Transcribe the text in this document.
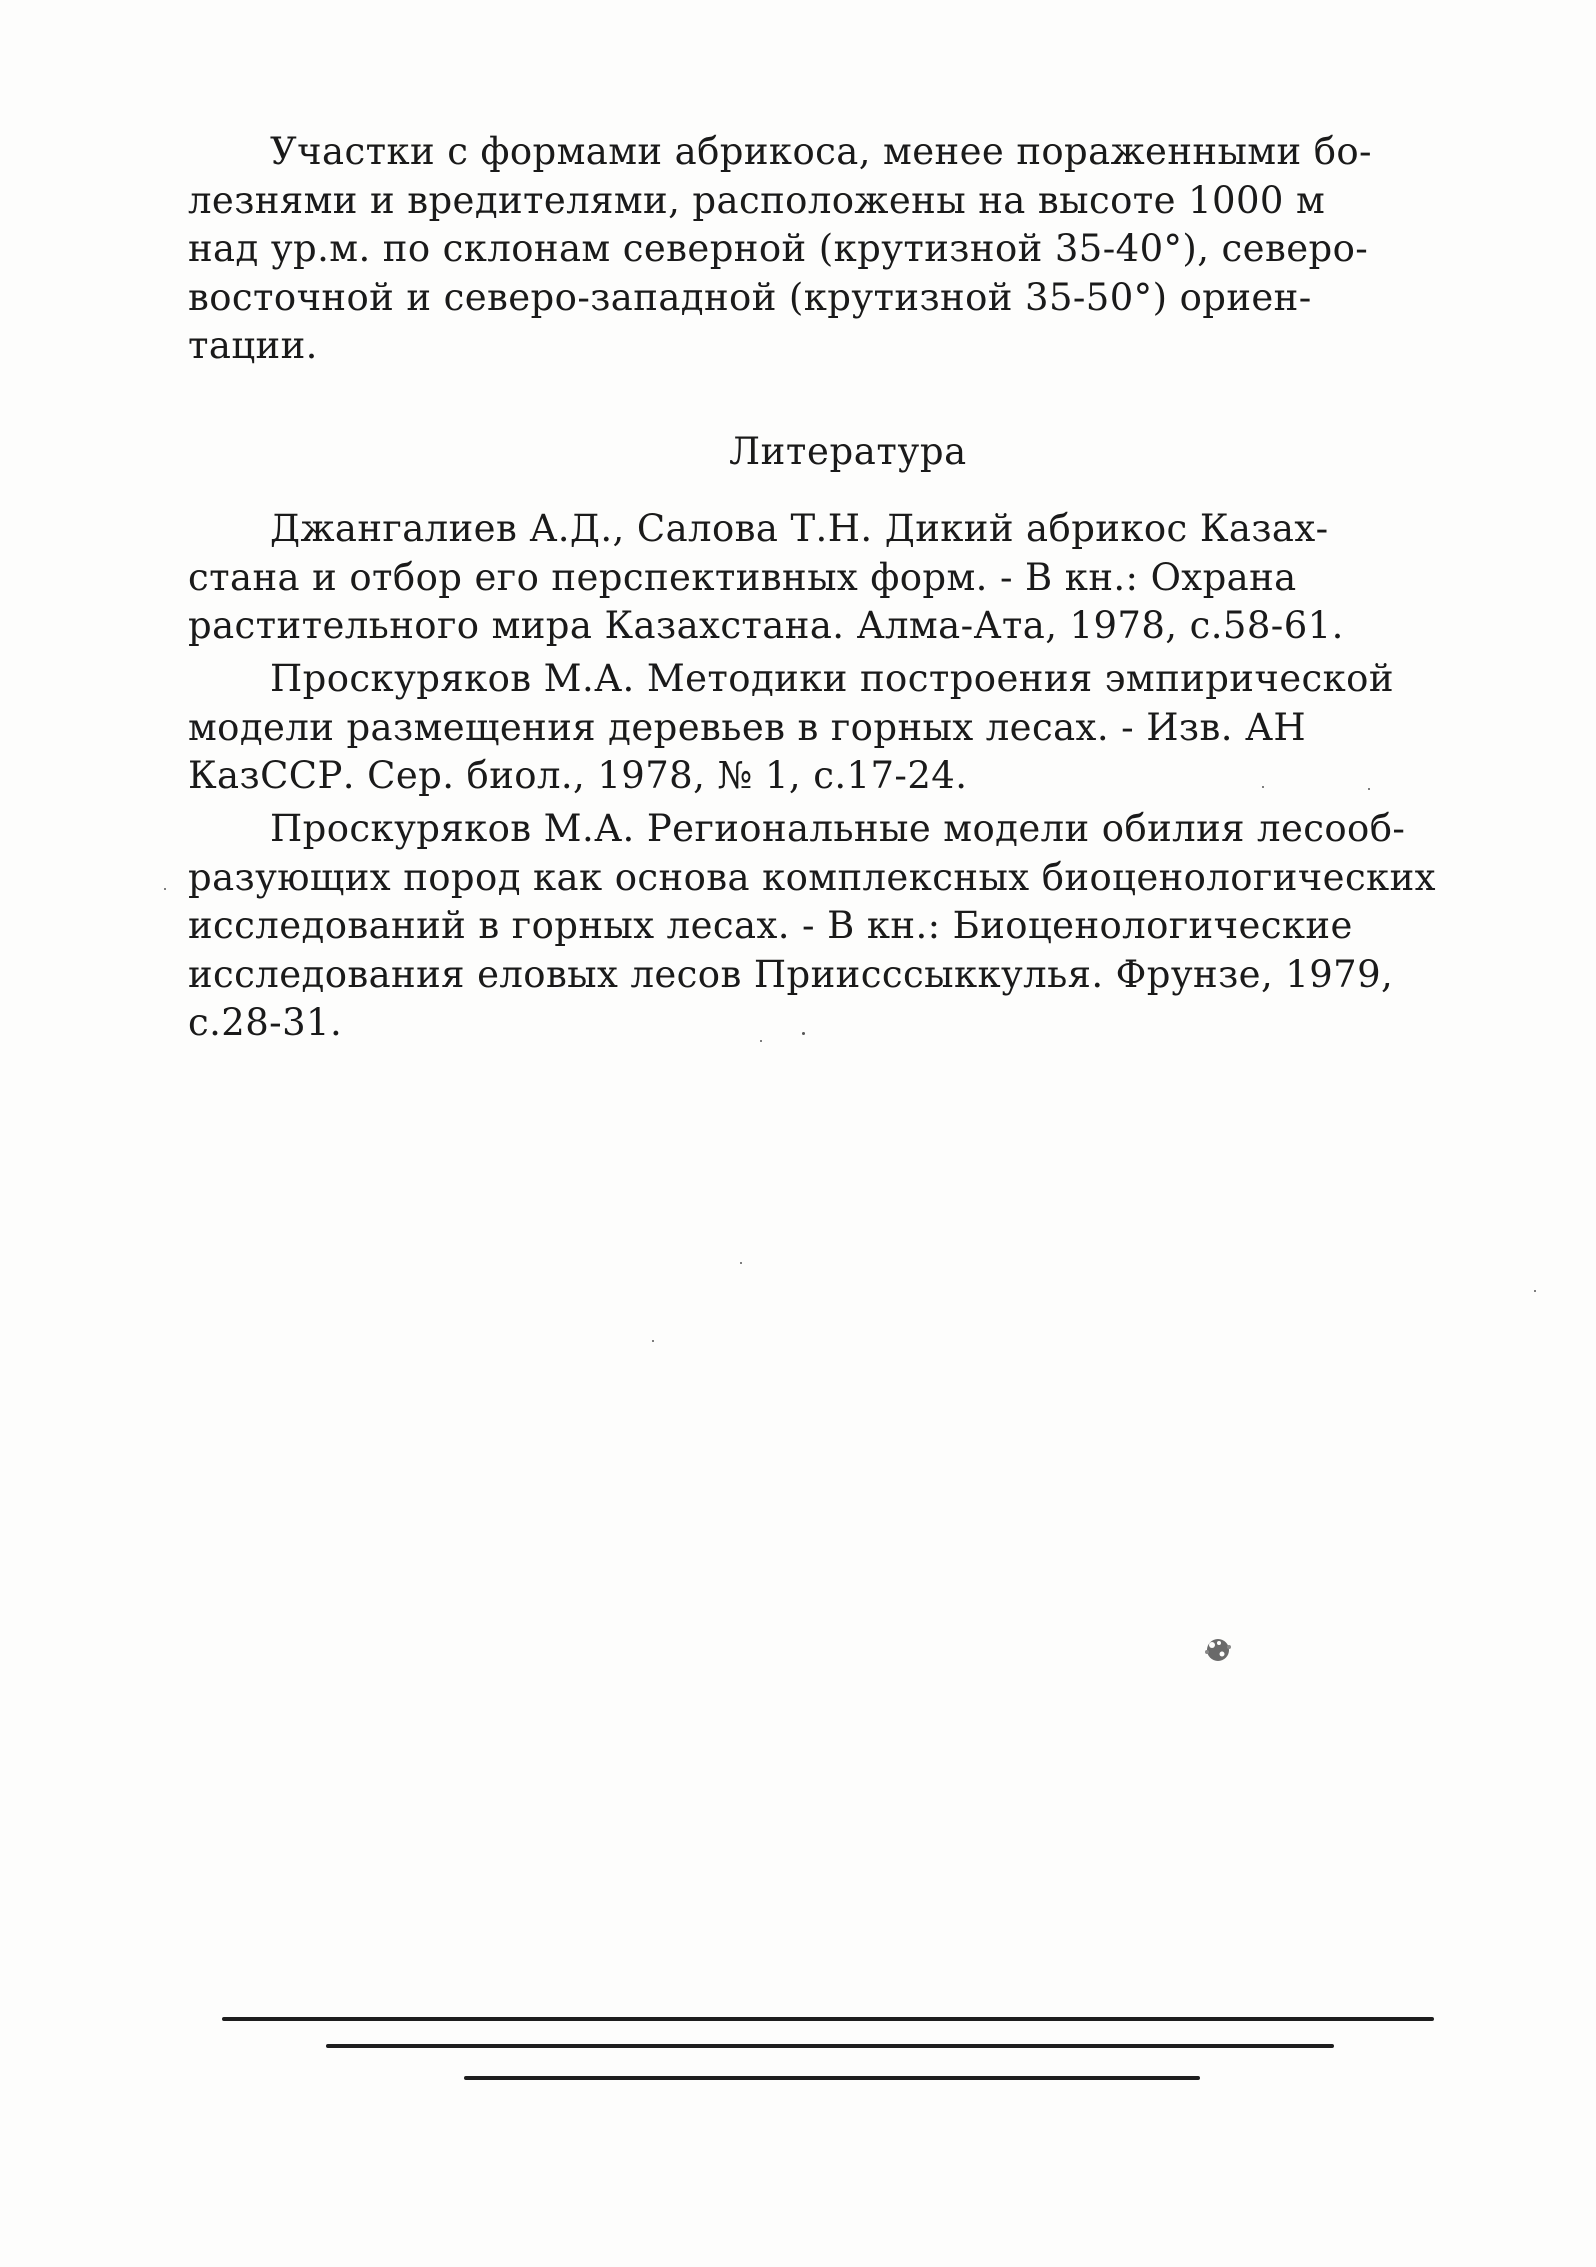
Участки с формами абрикоса, менее пораженными бо-
лезнями и вредителями, расположены на высоте 1000 м
над ур.м. по склонам северной (крутизной 35-40°), северо-
восточной и северо-западной (крутизной 35-50°) ориен-
тации.
Литература
Джангалиев А.Д., Салова Т.Н. Дикий абрикос Казах-
стана и отбор его перспективных форм. - В кн.: Охрана
растительного мира Казахстана. Алма-Ата, 1978, с.58-61.
Проскуряков М.А. Методики построения эмпирической
модели размещения деревьев в горных лесах. - Изв. АН
КазССР. Сер. биол., 1978, № 1, с.17-24.
Проскуряков М.А. Региональные модели обилия лесооб-
разующих пород как основа комплексных биоценологических
исследований в горных лесах. - В кн.: Биоценологические
исследования еловых лесов Приисссыккулья. Фрунзе, 1979,
с.28-31.
